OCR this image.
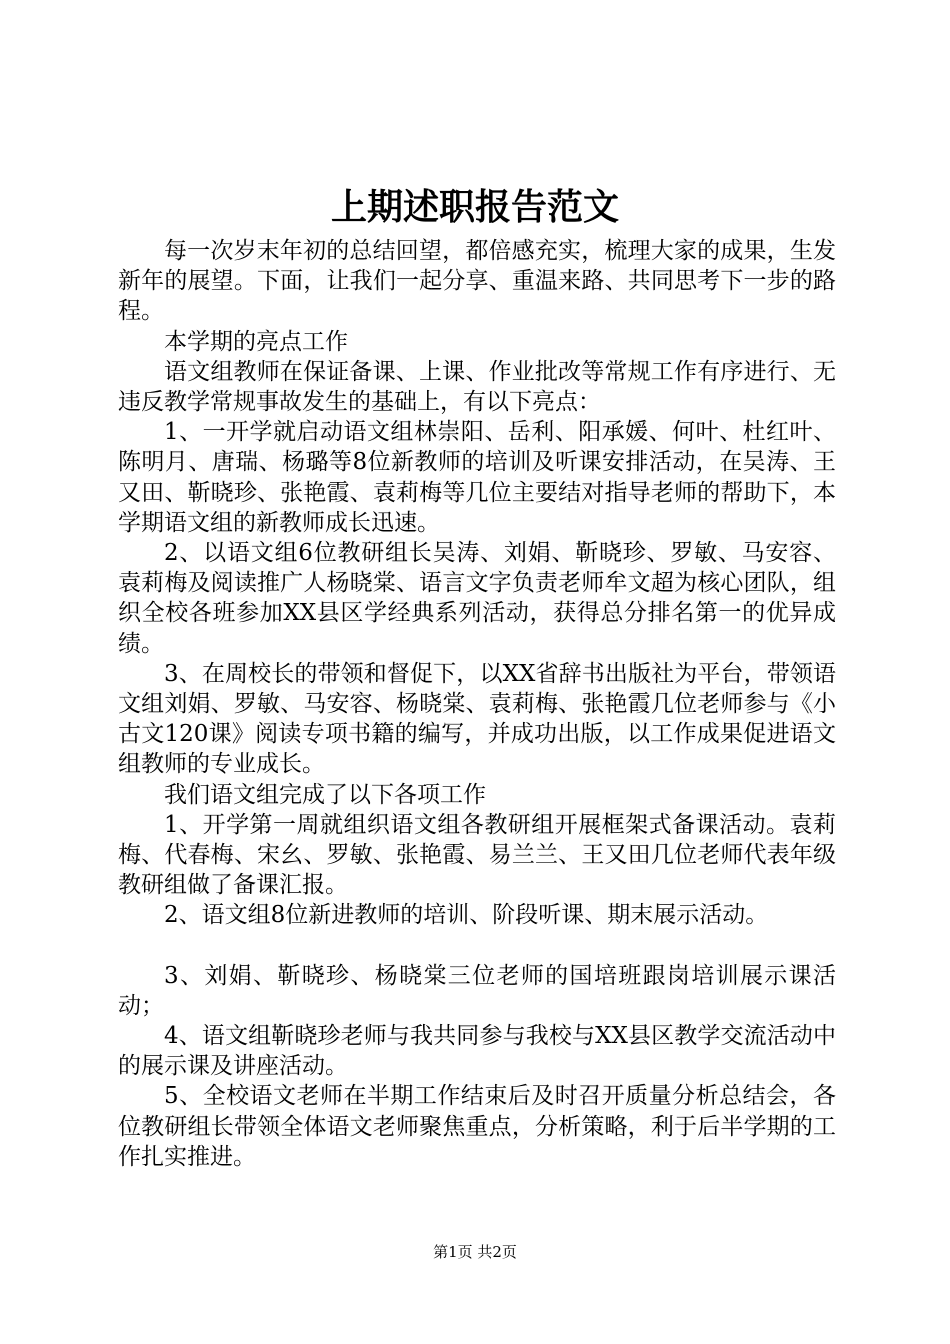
上期述职报告范文

每一次岁末年初的总结回望，都倍感充实，梳理大家的成果，生发新年的展望。下面，让我们一起分享、重温来路、共同思考下一步的路程。

本学期的亮点工作

语文组教师在保证备课、上课、作业批改等常规工作有序进行、无违反教学常规事故发生的基础上，有以下亮点：

1、一开学就启动语文组林崇阳、岳利、阳承媛、何叶、杜红叶、陈明月、唐瑞、杨璐等8位新教师的培训及听课安排活动，在吴涛、王又田、靳晓珍、张艳霞、袁莉梅等几位主要结对指导老师的帮助下，本学期语文组的新教师成长迅速。

2、以语文组6位教研组长吴涛、刘娟、靳晓珍、罗敏、马安容、袁莉梅及阅读推广人杨晓棠、语言文字负责老师牟文超为核心团队，组织全校各班参加XX县区学经典系列活动，获得总分排名第一的优异成绩。

3、在周校长的带领和督促下，以XX省辞书出版社为平台，带领语文组刘娟、罗敏、马安容、杨晓棠、袁莉梅、张艳霞几位老师参与《小古文120课》阅读专项书籍的编写，并成功出版，以工作成果促进语文组教师的专业成长。

我们语文组完成了以下各项工作

1、开学第一周就组织语文组各教研组开展框架式备课活动。袁莉梅、代春梅、宋幺、罗敏、张艳霞、易兰兰、王又田几位老师代表年级教研组做了备课汇报。

2、语文组8位新进教师的培训、阶段听课、期末展示活动。

3、刘娟、靳晓珍、杨晓棠三位老师的国培班跟岗培训展示课活动；

4、语文组靳晓珍老师与我共同参与我校与XX县区教学交流活动中的展示课及讲座活动。

5、全校语文老师在半期工作结束后及时召开质量分析总结会，各位教研组长带领全体语文老师聚焦重点，分析策略，利于后半学期的工作扎实推进。

第1页 共2页
